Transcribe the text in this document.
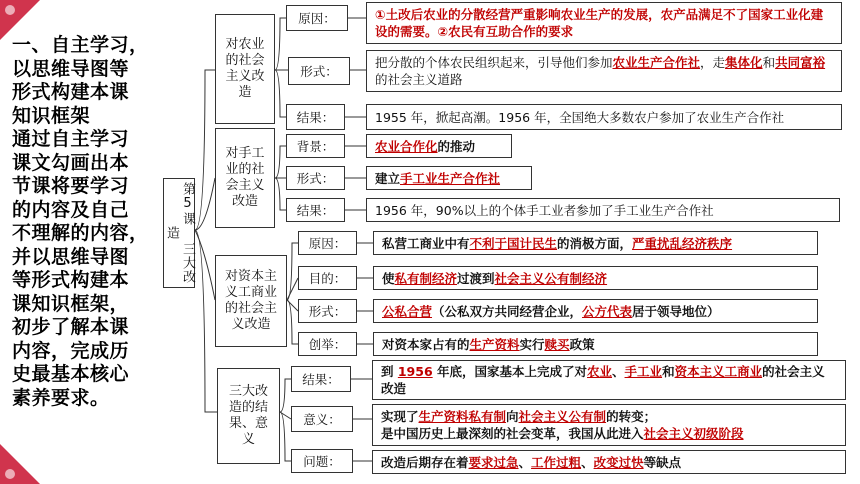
一、自主学习，
以思维导图等
形式构建本课
知识框架
通过自主学习
课文勾画出本
节课将要学习
的内容及自己
不理解的内容，
并以思维导图
等形式构建本
课知识框架，
初步了解本课
内容，完成历
史最基本核心
素养要求。
第5课 三大改造
对农业的社会主义改造
对手工业的社会主义改造
对资本主义工商业的社会主义改造
三大改造的结果、意义
原因：
形式：
结果：
背景：
形式：
结果：
原因：
目的：
形式：
创举：
结果：
意义：
问题：
①土改后农业的分散经营严重影响农业生产的发展，农产品满足不了国家工业化建设的需要。②农民有互助合作的要求
把分散的个体农民组织起来，引导他们参加农业生产合作社，走集体化和共同富裕的社会主义道路
1955 年，掀起高潮。1956 年，全国绝大多数农户参加了农业生产合作社
农业合作化的推动
建立手工业生产合作社
1956 年，90%以上的个体手工业者参加了手工业生产合作社
私营工商业中有不利于国计民生的消极方面，严重扰乱经济秩序
使私有制经济过渡到社会主义公有制经济
公私合营（公私双方共同经营企业，公方代表居于领导地位）
对资本家占有的生产资料实行赎买政策
到 1956 年底，国家基本上完成了对农业、手工业和资本主义工商业的社会主义改造
实现了生产资料私有制向社会主义公有制的转变；
是中国历史上最深刻的社会变革，我国从此进入社会主义初级阶段
改造后期存在着要求过急、工作过粗、改变过快等缺点
